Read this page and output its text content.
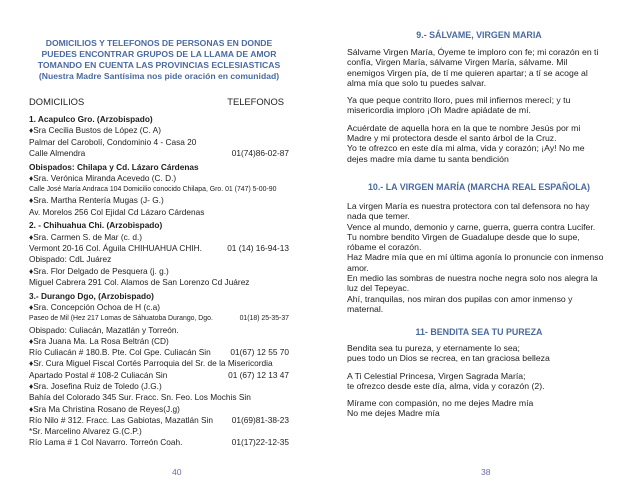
DOMICILIOS Y TELEFONOS DE PERSONAS EN DONDE
PUEDES ENCONTRAR GRUPOS DE LA LLAMA DE AMOR
TOMANDO EN CUENTA LAS PROVINCIAS ECLESIASTICAS
(Nuestra Madre Santísima nos pide oración en comunidad)
DOMICILIOS	TELEFONOS
1. Acapulco Gro. (Arzobispado)
♦Sra Cecilia Bustos de López (C. A)
Palmar del Carobolí, Condominio 4 - Casa 20
Calle Almendra	01(74)86-02-87
Obispados: Chilapa y Cd. Lázaro Cárdenas
♦Sra. Verónica Miranda Acevedo (C. D.)
Calle José María Andraca 104 Domicilio conocido Chilapa, Gro. 01 (747) 5-00-90
♦Sra. Martha Rentería Mugas (J- G.)
Av. Morelos 256 Col Ejidal Cd Lázaro Cárdenas
2. - Chihuahua Chi. (Arzobispado)
♦Sra. Carmen S. de Mar (c. d.)
Vermont 20-16 Col. Águila CHIHUAHUA CHIH.	01 (14) 16-94-13
Obispado: CdL Juárez
♦Sra. Flor Delgado de Pesquera (j. g.)
Miguel Cabrera 291 Col. Alamos de San Lorenzo Cd Juárez
3.- Durango Dgo, (Arzobispado)
♦Sra. Concepción Ochoa de H (c.a)
Paseo de Mil (Hez 217 Lomas de Sáhuatoba Durango, Dgo.	01(18) 25-35-37
Obispado: Culiacán, Mazatlán y Torreón.
♦Sra Juana Ma. La Rosa Beltrán (CD)
Río Culiacán # 180.B. Pte. Col Gpe. Culiacán Sin 01(67) 12 55 70
♦Sr. Cura Miguel Fiscal Cortés Parroquia del Sr. de la Misericordia
Apartado Postal # 108-2 Culiacán Sin	01 (67) 12 13 47
♦Sra. Josefina Ruiz de Toledo (J.G.)
Bahía del Colorado 345 Sur. Fracc. Sn. Feo. Los Mochis Sin
♦Sra Ma Christina Rosano de Reyes(J.g)
Río Nilo # 312. Fracc. Las Gabiotas, Mazatlán Sin 01(69)81-38-23
*Sr. Marcelino Alvarez G.(C.P.)
Río Lama # 1 Col Navarro. Torreón Coah.	01(17)22-12-35
40
9.- SÁLVAME, VIRGEN MARIA
Sálvame Virgen María, Óyeme te imploro con fe; mi corazón en ti
confía, Virgen María, sálvame Virgen María, sálvame. Mil
enemigos Virgen pía, de tí me quieren apartar; a tí se acoge al
alma mía que solo tu puedes salvar.
Ya que peque contrito lloro, pues mil infiernos merecí; y tu
misericordia imploro ¡Oh Madre apiádate de mí.
Acuérdate de aquella hora en la que te nombre Jesús por mi
Madre y mi protectora desde el santo árbol de la Cruz.
Yo te ofrezco en este día mi alma, vida y corazón; ¡Ay! No me
dejes madre mía dame tu santa bendición
10.- LA VIRGEN MARÍA (MARCHA REAL ESPAÑOLA)
La virgen María es nuestra protectora con tal defensora no hay
nada que temer.
Vence al mundo, demonio y carne, guerra, guerra contra Lucifer.
Tu nombre bendito Virgen de Guadalupe desde que lo supe,
róbame el corazón.
Haz Madre mía que en mí última agonía lo pronuncie con inmenso
amor.
En medio las sombras de nuestra noche negra solo nos alegra la
luz del Tepeyac.
Ahí, tranquilas, nos miran dos pupilas con amor inmenso y
maternal.
11- BENDITA SEA TU PUREZA
Bendita sea tu pureza, y eternamente lo sea;
pues todo un Dios se recrea, en tan graciosa belleza
A Ti Celestial Princesa, Virgen Sagrada María;
te ofrezco desde este día, alma, vida y corazón (2).
Mírame con compasión, no me dejes Madre mía
No me dejes Madre mía
38
